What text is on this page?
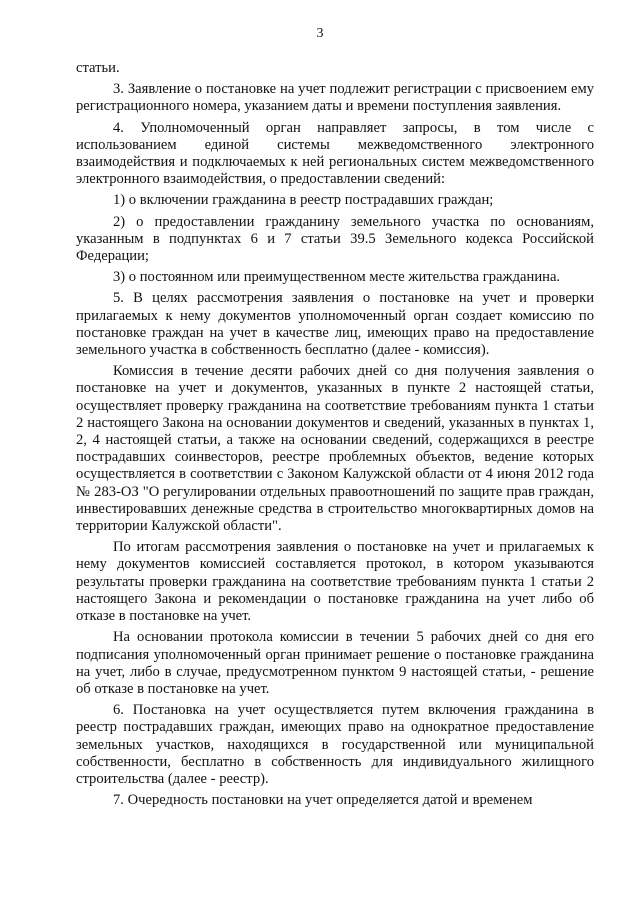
3

статьи.

3. Заявление о постановке на учет подлежит регистрации с присвоением ему регистрационного номера, указанием даты и времени поступления заявления.

4. Уполномоченный орган направляет запросы, в том числе с использованием единой системы межведомственного электронного взаимодействия и подключаемых к ней региональных систем межведомственного электронного взаимодействия, о предоставлении сведений:

1) о включении гражданина в реестр пострадавших граждан;

2) о предоставлении гражданину земельного участка по основаниям, указанным в подпунктах 6 и 7 статьи 39.5 Земельного кодекса Российской Федерации;

3) о постоянном или преимущественном месте жительства гражданина.

5. В целях рассмотрения заявления о постановке на учет и проверки прилагаемых к нему документов уполномоченный орган создает комиссию по постановке граждан на учет в качестве лиц, имеющих право на предоставление земельного участка в собственность бесплатно (далее - комиссия).

Комиссия в течение десяти рабочих дней со дня получения заявления о постановке на учет и документов, указанных в пункте 2 настоящей статьи, осуществляет проверку гражданина на соответствие требованиям пункта 1 статьи 2 настоящего Закона на основании документов и сведений, указанных в пунктах 1, 2, 4 настоящей статьи, а также на основании сведений, содержащихся в реестре пострадавших соинвесторов, реестре проблемных объектов, ведение которых осуществляется в соответствии с Законом Калужской области от 4 июня 2012 года № 283-ОЗ "О регулировании отдельных правоотношений по защите прав граждан, инвестировавших денежные средства в строительство многоквартирных домов на территории Калужской области".

По итогам рассмотрения заявления о постановке на учет и прилагаемых к нему документов комиссией составляется протокол, в котором указываются результаты проверки гражданина на соответствие требованиям пункта 1 статьи 2 настоящего Закона и рекомендации о постановке гражданина на учет либо об отказе в постановке на учет.

На основании протокола комиссии в течении 5 рабочих дней со дня его подписания уполномоченный орган принимает решение о постановке гражданина на учет, либо в случае, предусмотренном пунктом 9 настоящей статьи, - решение об отказе в постановке на учет.

6. Постановка на учет осуществляется путем включения гражданина в реестр пострадавших граждан, имеющих право на однократное предоставление земельных участков, находящихся в государственной или муниципальной собственности, бесплатно в собственность для индивидуального жилищного строительства (далее - реестр).

7. Очередность постановки на учет определяется датой и временем
